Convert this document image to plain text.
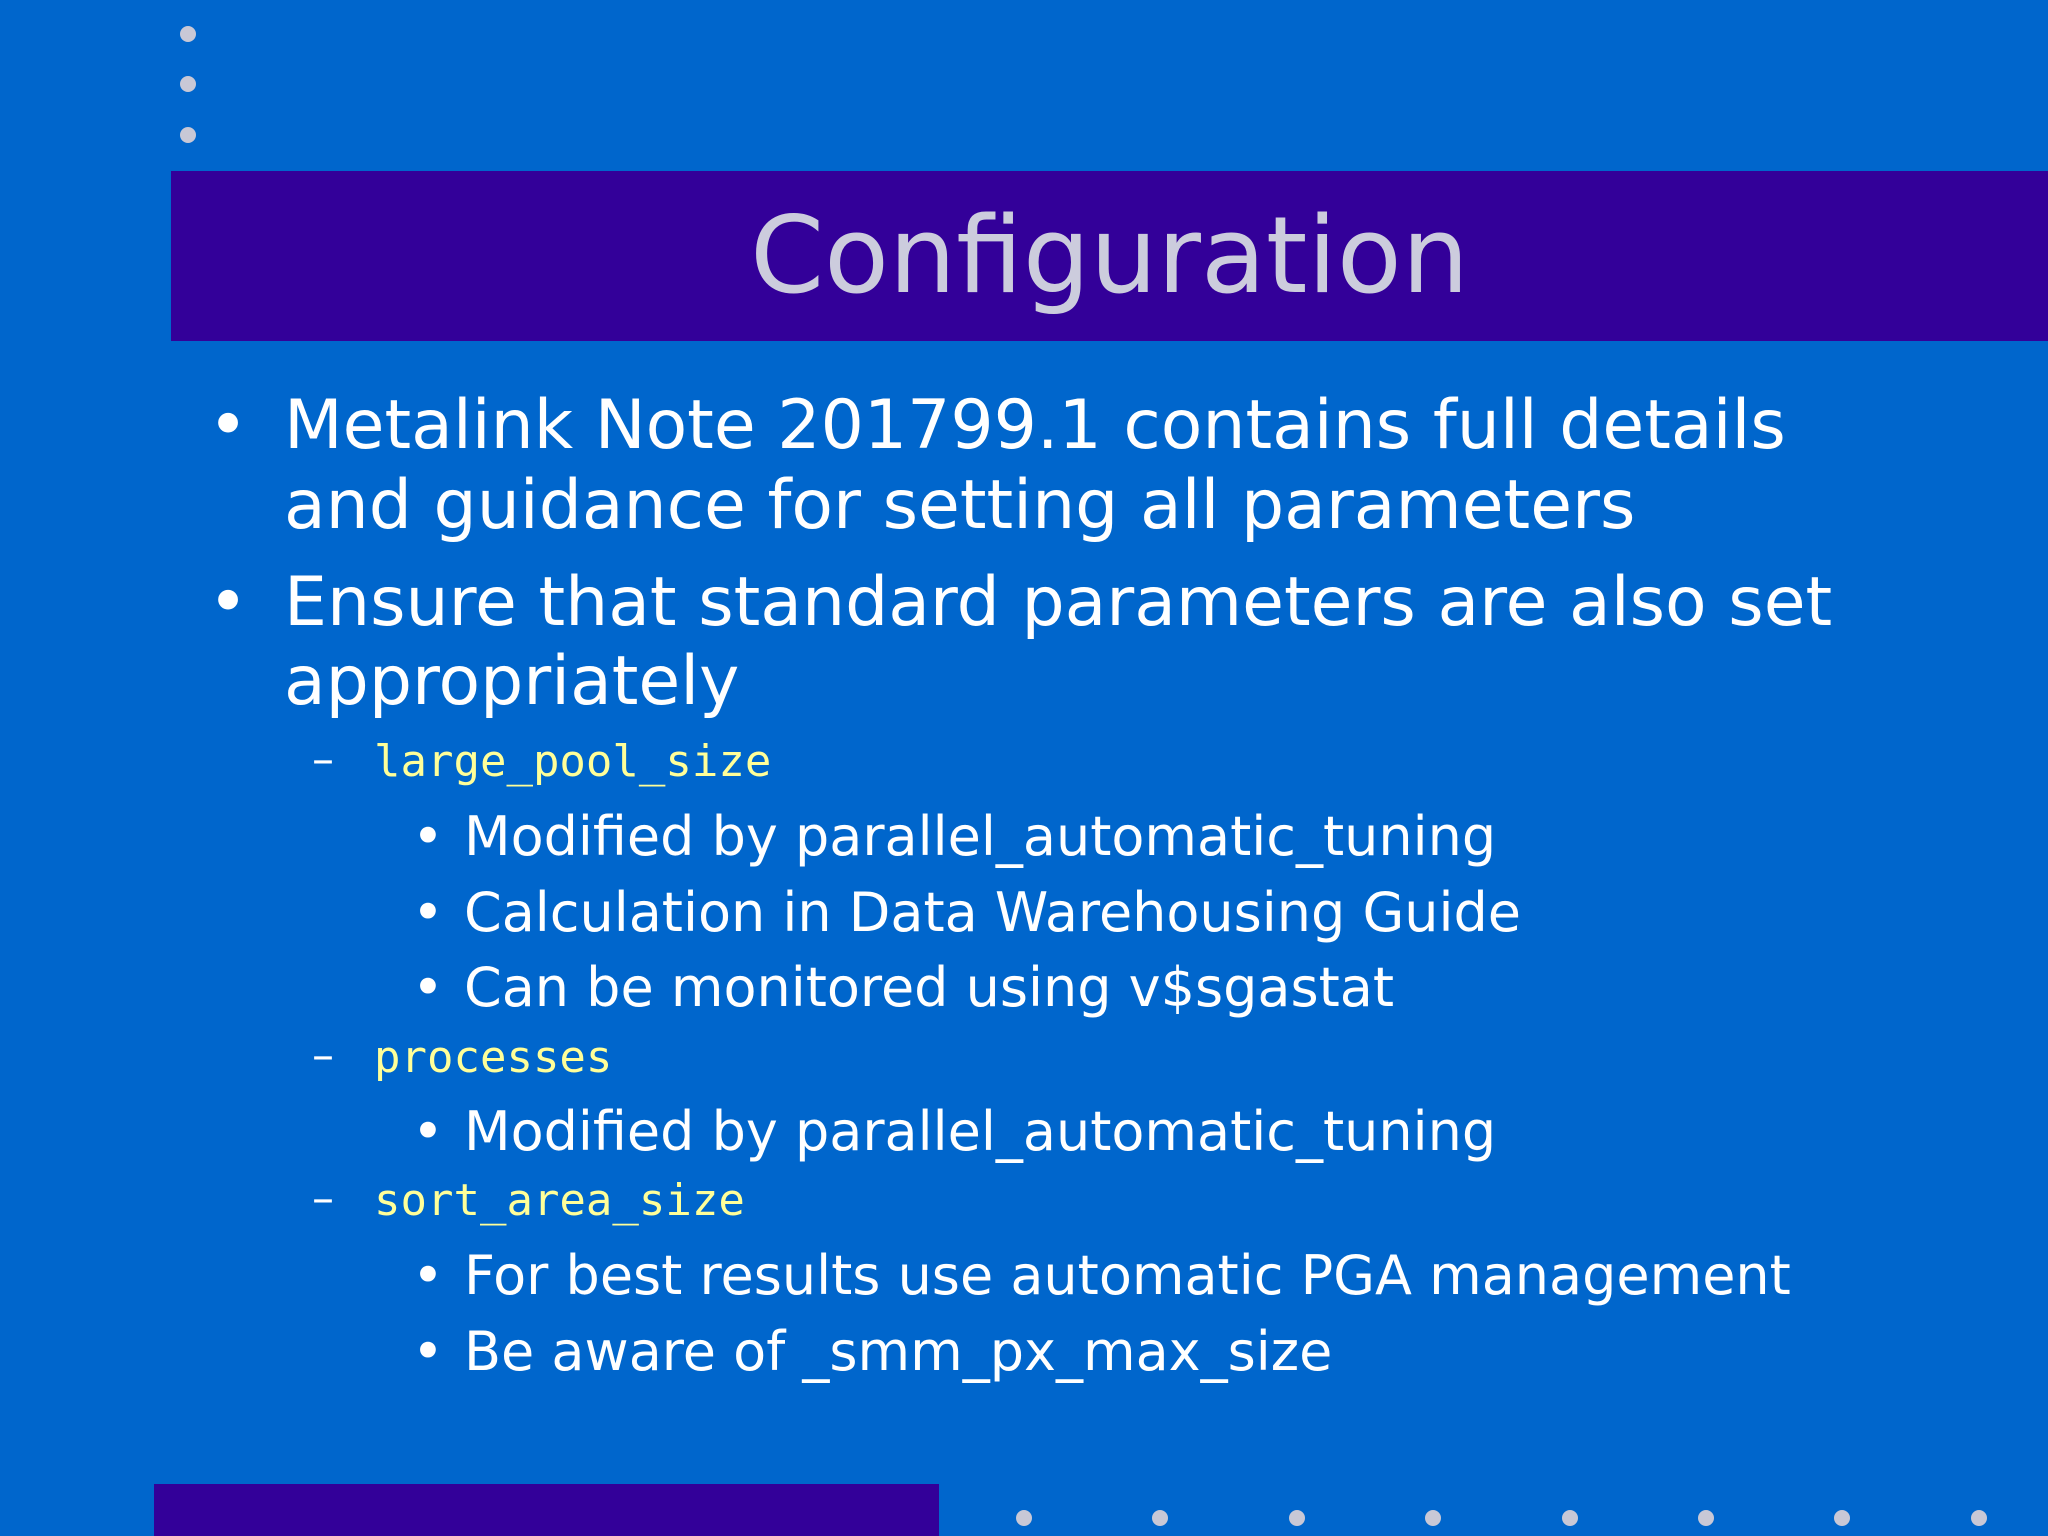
Configuration
• Metalink Note 201799.1 contains full details
and guidance for setting all parameters
• Ensure that standard parameters are also set
appropriately
– large_pool_size
• Modified by parallel_automatic_tuning
• Calculation in Data Warehousing Guide
• Can be monitored using v$sgastat
– processes
• Modified by parallel_automatic_tuning
– sort_area_size
• For best results use automatic PGA management
• Be aware of _smm_px_max_size
